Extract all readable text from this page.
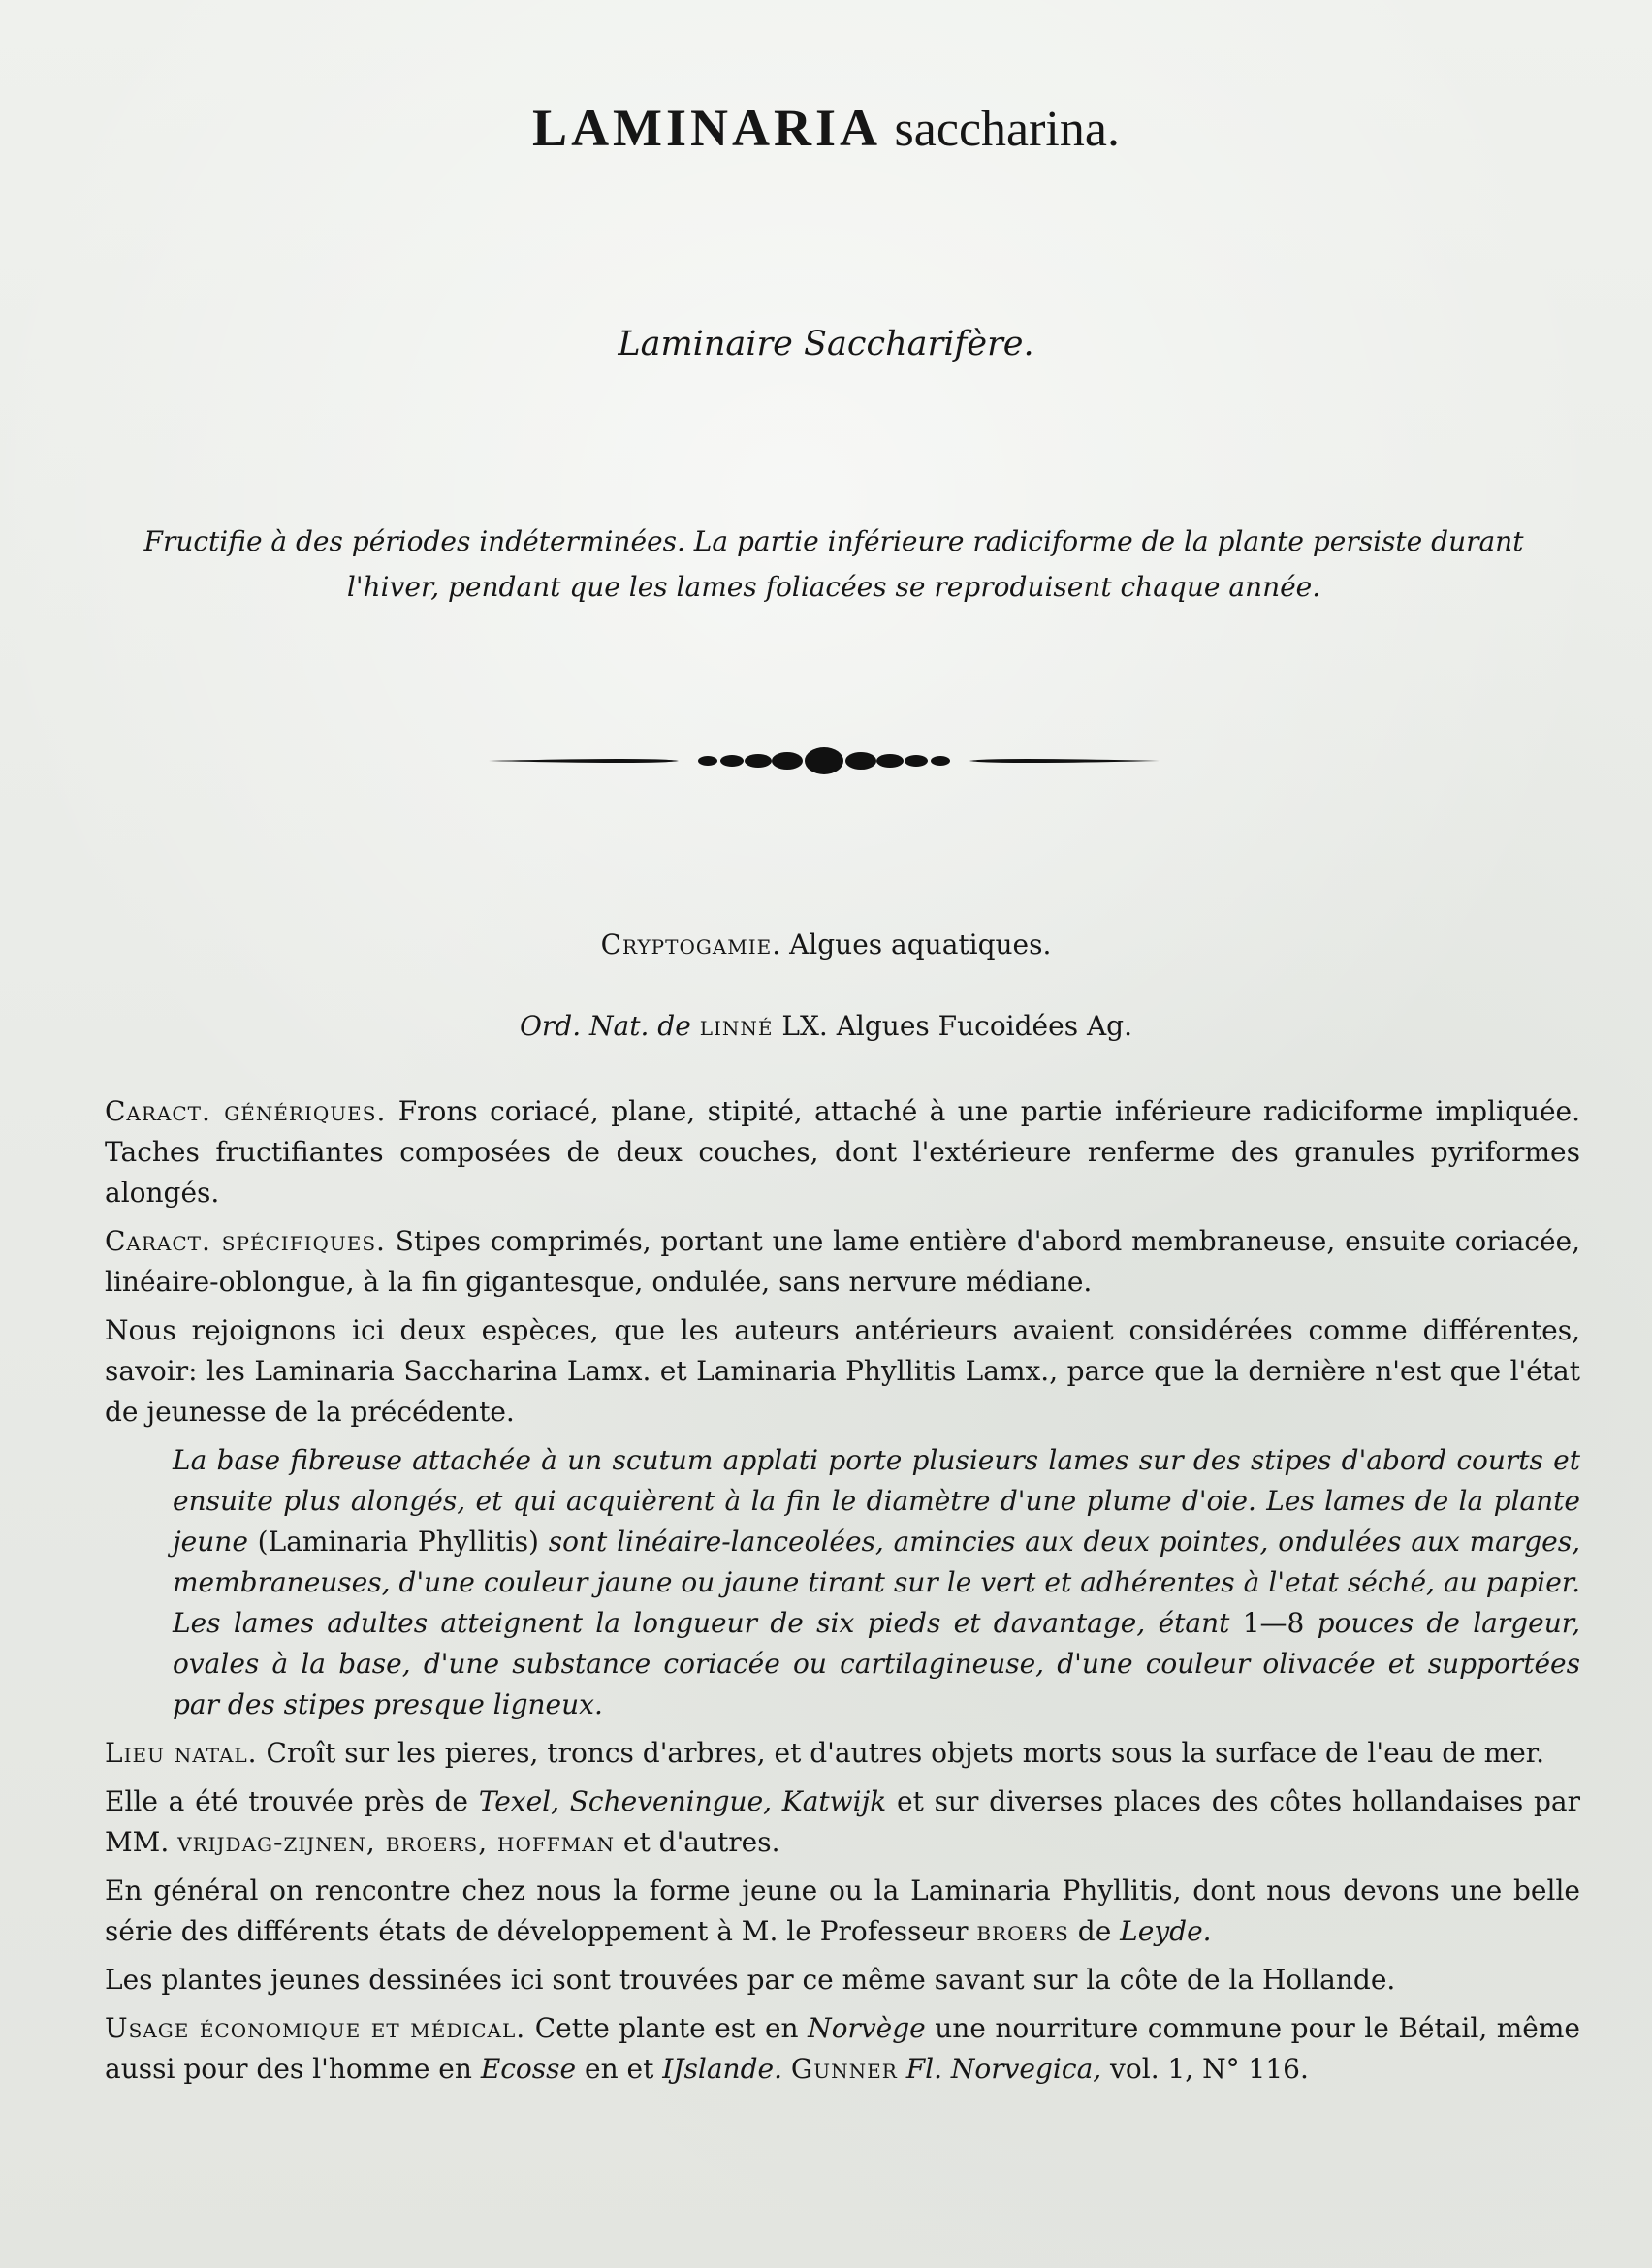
LAMINARIA saccharina.
Laminaire Saccharifère.
Fructifie à des périodes indéterminées. La partie inférieure radiciforme de la plante persiste durant l'hiver, pendant que les lames foliacées se reproduisent chaque année.
Cryptogamie. Algues aquatiques.
Ord. Nat. de linné LX. Algues Fucoidées Ag.

Caract. génériques. Frons coriacé, plane, stipité, attaché à une partie inférieure radiciforme impliquée. Taches fructifiantes composées de deux couches, dont l'extérieure renferme des granules pyriformes alongés.

Caract. spécifiques. Stipes comprimés, portant une lame entière d'abord membraneuse, ensuite coriacée, linéaire-oblongue, à la fin gigantesque, ondulée, sans nervure médiane.

Nous rejoignons ici deux espèces, que les auteurs antérieurs avaient considérées comme différentes, savoir: les Laminaria Saccharina Lamx. et Laminaria Phyllitis Lamx., parce que la dernière n'est que l'état de jeunesse de la précédente.

La base fibreuse attachée à un scutum applati porte plusieurs lames sur des stipes d'abord courts et ensuite plus alongés, et qui acquièrent à la fin le diamètre d'une plume d'oie. Les lames de la plante jeune (Laminaria Phyllitis) sont linéaire-lanceolées, amincies aux deux pointes, ondulées aux marges, membraneuses, d'une couleur jaune ou jaune tirant sur le vert et adhérentes à l'etat séché, au papier. Les lames adultes atteignent la longueur de six pieds et davantage, étant 1—8 pouces de largeur, ovales à la base, d'une substance coriacée ou cartilagineuse, d'une couleur olivacée et supportées par des stipes presque ligneux.

Lieu natal. Croît sur les pieres, troncs d'arbres, et d'autres objets morts sous la surface de l'eau de mer.

Elle a été trouvée près de Texel, Scheveningue, Katwijk et sur diverses places des côtes hollandaises par MM. vrijdag-zijnen, broers, hoffman et d'autres.

En général on rencontre chez nous la forme jeune ou la Laminaria Phyllitis, dont nous devons une belle série des différents états de développement à M. le Professeur broers de Leyde.

Les plantes jeunes dessinées ici sont trouvées par ce même savant sur la côte de la Hollande.

Usage économique et médical. Cette plante est en Norvège une nourriture commune pour le Bétail, même aussi pour des l'homme en Ecosse en et IJslande. Gunner Fl. Norvegica, vol. 1, N° 116.
